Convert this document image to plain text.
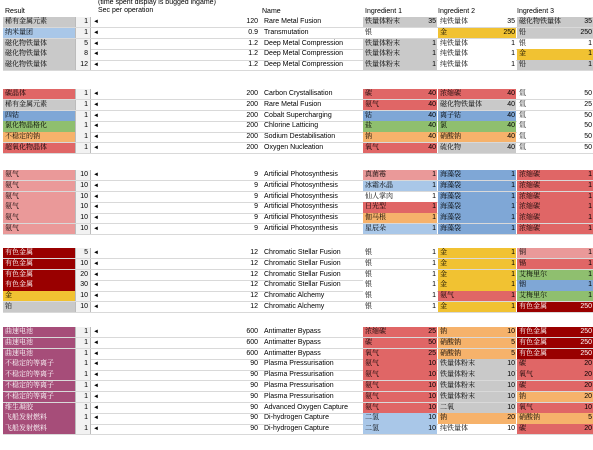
Result
(time spent display is bugged ingame)
Sec per operation	Name	Ingredient 1	Ingredient 2	Ingredient 3
稀有金属元素	1 ◄	120 Rare Metal Fusion	铁量体粉末	35 纯铁量体	35 磁化物铁量体	35
纳米量团	1 ◄	0.9 Transmutation	银	金	250 铅	250
磁化物铁量体	5 ◄	1.2 Deep Metal Compression	铁量体粉末	1 纯铁量体	1 银	1
磁化物铁量体	8 ◄	1.2 Deep Metal Compression	铁量体粉末	1 纯铁量体	1 金	1
磁化物铁量体	12 ◄	1.2 Deep Metal Compression	铁量体粉末	1 纯铁量体	1 铅	1
碳晶体	1 ◄	200 Carbon Crystallisation	碳	40 浓缩碳	40 氚	50
稀有金属元素	1 ◄	200 Rare Metal Fusion	氨气	40 磁化物铁量体	40 氚	25
四钴	1 ◄	200 Cobalt Supercharging	钴	40 离子钴	40 氚	50
氯化物晶格化	1 ◄	200 Chlorine Latticing	盐	40 氯	40 氚	50
不稳定的钠	1 ◄	200 Sodium Destabilisation	钠	40 硝酸钠	40 氚	50
超氧化物晶体	1 ◄	200 Oxygen Nucleation	氧气	40 硫化物	40 氚	50
氨气	10 ◄	9 Artificial Photosynthesis	真菌霉	1 海藻袋	1 浓缩碳	1
氨气	10 ◄	9 Artificial Photosynthesis	冰霜水晶	1 海藻袋	1 浓缩碳	1
氨气	10 ◄	9 Artificial Photosynthesis	仙人掌肉	1 海藻袋	1 浓缩碳	1
氨气	10 ◄	9 Artificial Photosynthesis	日光型	1 海藻袋	1 浓缩碳	1
氨气	10 ◄	9 Artificial Photosynthesis	伽马根	1 海藻袋	1 浓缩碳	1
氨气	10 ◄	9 Artificial Photosynthesis	星辰朵	1 海藻袋	1 浓缩碳	1
有色金属	5 ◄	12 Chromatic Stellar Fusion	银	1 金	1 铜	1
有色金属	10 ◄	12 Chromatic Stellar Fusion	银	1 金	1 镉	1
有色金属	20 ◄	12 Chromatic Stellar Fusion	银	1 金	1 艾梅里尔	1
有色金属	30 ◄	12 Chromatic Stellar Fusion	银	1 金	1 铟	1
金	10 ◄	12 Chromatic Alchemy	银	1 氨气	1 艾梅里尔	1
铂	10 ◄	12 Chromatic Alchemy	银	1 金	1 有色金属	250
曲速电池	1 ◄	600 Antimatter Bypass	浓缩碳	25 钠	10 有色金属	250
曲速电池	1 ◄	600 Antimatter Bypass	碳	50 硝酸钠	5 有色金属	250
曲速电池	1 ◄	600 Antimatter Bypass	氧气	25 硝酸钠	5 有色金属	250
不稳定的等离子	1 ◄	90 Plasma Pressurisation	氨气	10 铁量体粉末	10 碳	20
不稳定的等离子	1 ◄	90 Plasma Pressurisation	氨气	10 铁量体粉末	10 氧气	20
不稳定的等离子	1 ◄	90 Plasma Pressurisation	氨气	10 铁量体粉末	10 碳	20
不稳定的等离子	1 ◄	90 Plasma Pressurisation	氨气	10 铁量体粉末	10 钠	20
维生凝胶	1 ◄	90 Advanced Oxygen Capture	氨气	10 二氧	10 氧气	10
飞船发射燃料	1 ◄	90 Di-hydrogen Capture	二氢	10 钠	20 硝酸钠	5
飞船发射燃料	1 ◄	90 Di-hydrogen Capture	二氢	10 纯铁量体	10 碳	20
